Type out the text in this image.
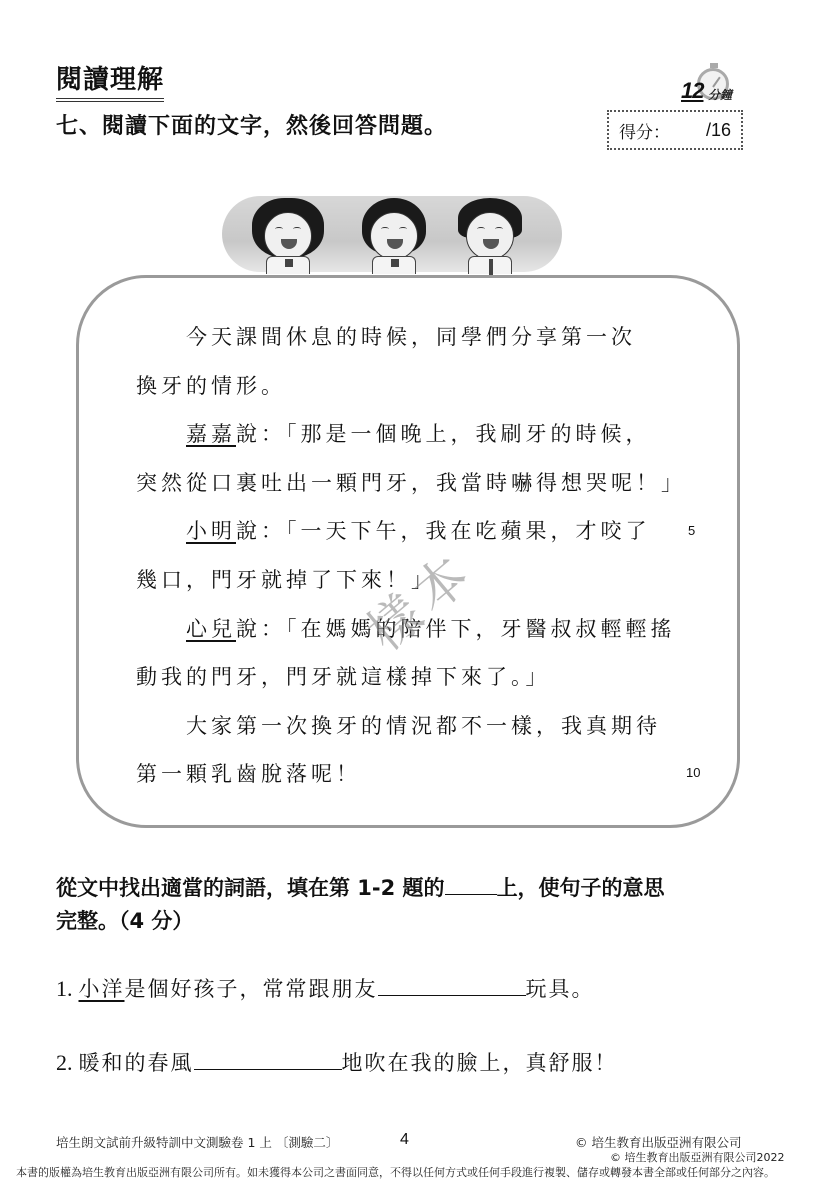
閱讀理解
七、閱讀下面的文字，然後回答問題。
12 分鐘
得分：	/16
今天課間休息的時候，同學們分享第一次
換牙的情形。
嘉嘉說：「那是一個晚上，我刷牙的時候，
突然從口裏吐出一顆門牙，我當時嚇得想哭呢！」
小明說：「一天下午，我在吃蘋果，才咬了	5
幾口，門牙就掉了下來！」
心兒說：「在媽媽的陪伴下，牙醫叔叔輕輕搖
動我的門牙，門牙就這樣掉下來了。」
大家第一次換牙的情況都不一樣，我真期待
第一顆乳齒脫落呢！	10
樣本
從文中找出適當的詞語，填在第 1-2 題的 上，使句子的意思
完整。（4 分）
1. 小洋是個好孩子，常常跟朋友	玩具。
2. 暖和的春風	地吹在我的臉上，真舒服！
培生朗文試前升級特訓中文測驗卷 1 上 〔測驗二〕	4	© 培生教育出版亞洲有限公司
© 培生教育出版亞洲有限公司2022
本書的版權為培生教育出版亞洲有限公司所有。如未獲得本公司之書面同意，不得以任何方式或任何手段進行複製、儲存或轉發本書全部或任何部分之內容。
